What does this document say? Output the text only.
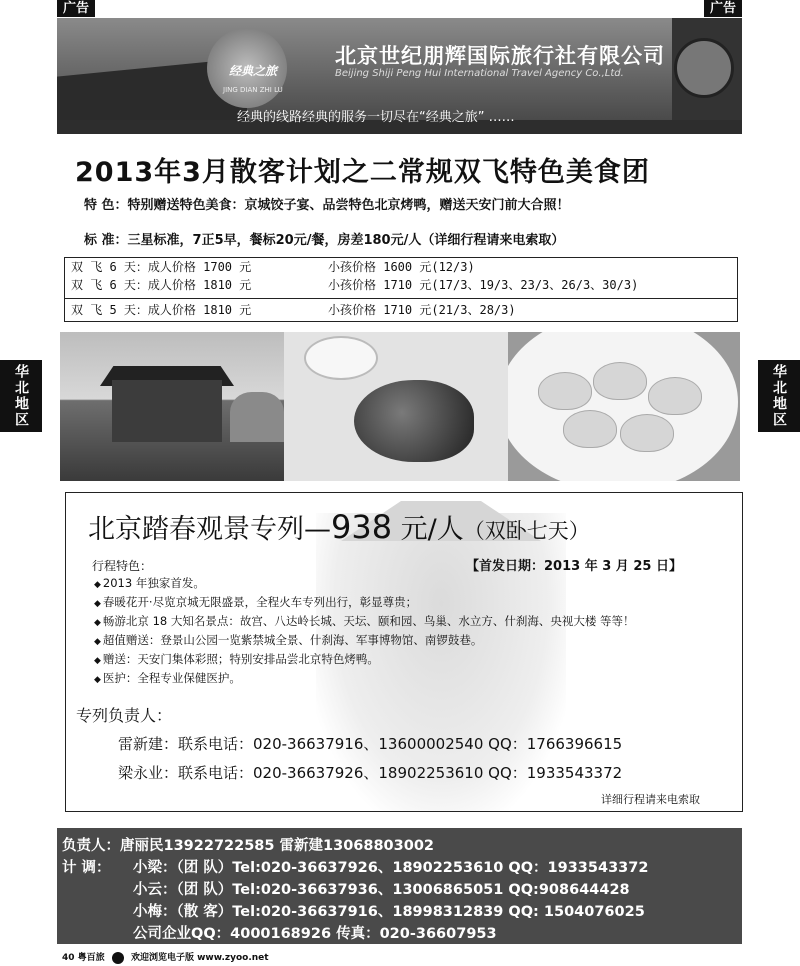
广告	广告
华北地区	华北地区
经典之旅
JING DIAN ZHI LU
北京世纪朋辉国际旅行社有限公司
Beijing Shiji Peng Hui International Travel Agency Co.,Ltd.
经典的线路经典的服务一切尽在“经典之旅” ……
2013年3月散客计划之二常规双飞特色美食团
特 色：特别赠送特色美食：京城饺子宴、品尝特色北京烤鸭，赠送天安门前大合照！
标 准：三星标准，7正5早，餐标20元/餐，房差180元/人（详细行程请来电索取）
双 飞 6 天：成人价格 1700 元	小孩价格 1600 元(12/3)
双 飞 6 天：成人价格 1810 元	小孩价格 1710 元(17/3、19/3、23/3、26/3、30/3)
双 飞 5 天：成人价格 1810 元	小孩价格 1710 元(21/3、28/3)
北京踏春观景专列—938 元/人（双卧七天）
行程特色：	【首发日期：2013 年 3 月 25 日】
◆ 2013 年独家首发。
◆ 春暖花开·尽览京城无限盛景，全程火车专列出行，彰显尊贵；
◆ 畅游北京 18 大知名景点：故宫、八达岭长城、天坛、颐和园、鸟巢、水立方、什刹海、央视大楼 等等！
◆ 超值赠送：登景山公园一览紫禁城全景、什刹海、军事博物馆、南锣鼓巷。
◆ 赠送：天安门集体彩照；特别安排品尝北京特色烤鸭。
◆ 医护：全程专业保健医护。
专列负责人：
雷新建：联系电话：020-36637916、13600002540 QQ：1766396615
梁永业：联系电话：020-36637926、18902253610 QQ：1933543372
详细行程请来电索取
负责人：唐丽民13922722585 雷新建13068803002
计 调： 小梁：（团 队）Tel:020-36637926、18902253610 QQ：1933543372
小云：（团 队）Tel:020-36637936、13006865051 QQ:908644428
小梅：（散 客）Tel:020-36637916、18998312839 QQ: 1504076025
公司企业QQ：4000168926 传真：020-36607953
40 粤百旅	欢迎浏览电子版 www.zyoo.net
